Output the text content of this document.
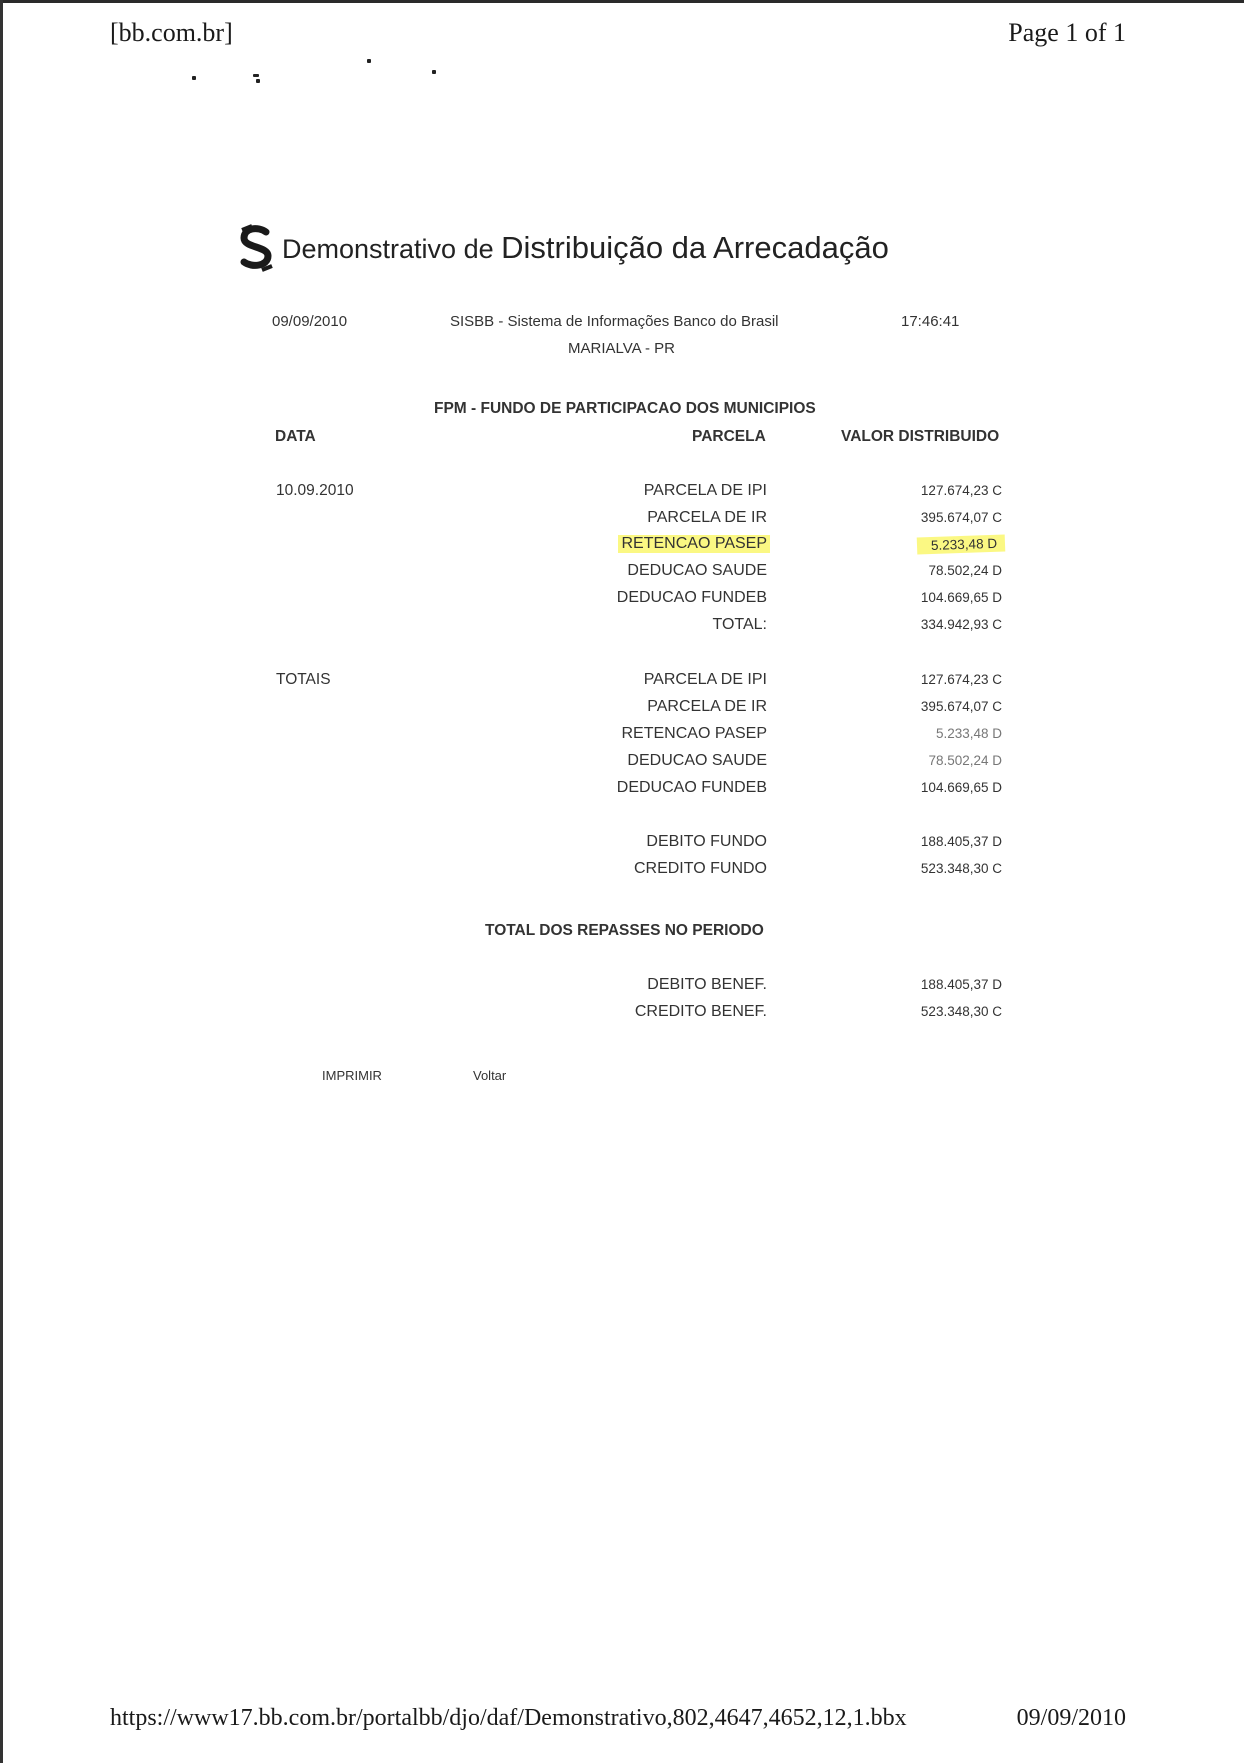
[bb.com.br]	Page 1 of 1
Demonstrativo de Distribuição da Arrecadação
09/09/2010	SISBB - Sistema de Informações Banco do Brasil	17:46:41
MARIALVA - PR
FPM - FUNDO DE PARTICIPACAO DOS MUNICIPIOS
DATA	PARCELA	VALOR DISTRIBUIDO
10.09.2010	PARCELA DE IPI	127.674,23 C
PARCELA DE IR	395.674,07 C
RETENCAO PASEP	5.233,48 D
DEDUCAO SAUDE	78.502,24 D
DEDUCAO FUNDEB	104.669,65 D
TOTAL:	334.942,93 C
TOTAIS	PARCELA DE IPI	127.674,23 C
PARCELA DE IR	395.674,07 C
RETENCAO PASEP	5.233,48 D
DEDUCAO SAUDE	78.502,24 D
DEDUCAO FUNDEB	104.669,65 D
DEBITO FUNDO	188.405,37 D
CREDITO FUNDO	523.348,30 C
TOTAL DOS REPASSES NO PERIODO
DEBITO BENEF.	188.405,37 D
CREDITO BENEF.	523.348,30 C
IMPRIMIR	Voltar
https://www17.bb.com.br/portalbb/djo/daf/Demonstrativo,802,4647,4652,12,1.bbx	09/09/2010
